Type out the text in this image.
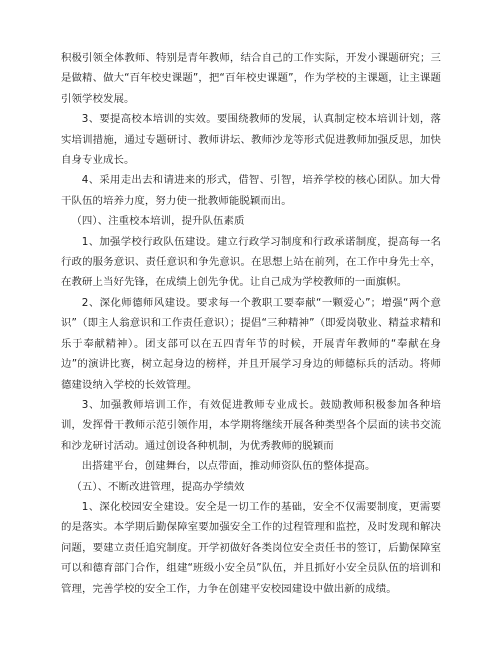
积极引领全体教师、特别是青年教师，结合自己的工作实际，开发小课题研究；三是做精、做大“百年校史课题”，把“百年校史课题”，作为学校的主课题，让主课题引领学校发展。

3、要提高校本培训的实效。要围绕教师的发展，认真制定校本培训计划，落实培训措施，通过专题研讨、教师讲坛、教师沙龙等形式促进教师加强反思，加快自身专业成长。

4、采用走出去和请进来的形式，借智、引智，培养学校的核心团队。加大骨干队伍的培养力度，努力使一批教师能脱颖而出。

（四）、注重校本培训，提升队伍素质

1、加强学校行政队伍建设。建立行政学习制度和行政承诺制度，提高每一名行政的服务意识、责任意识和争先意识。在思想上站在前列，在工作中身先士卒，在教研上当好先锋，在成绩上创先争优。让自己成为学校教师的一面旗帜。

2、深化师德师风建设。要求每一个教职工要奉献“一颗爱心”；增强“两个意识”（即主人翁意识和工作责任意识）；提倡“三种精神”（即爱岗敬业、精益求精和乐于奉献精神）。团支部可以在五四青年节的时候，开展青年教师的“奉献在身边”的演讲比赛，树立起身边的榜样，并且开展学习身边的师德标兵的活动。将师德建设纳入学校的长效管理。

3、加强教师培训工作，有效促进教师专业成长。鼓励教师积极参加各种培训，发挥骨干教师示范引领作用，本学期将继续开展各种类型各个层面的读书交流和沙龙研讨活动。通过创设各种机制，为优秀教师的脱颖而

出搭建平台，创建舞台，以点带面，推动师资队伍的整体提高。

（五）、不断改进管理，提高办学绩效

1、深化校园安全建设。安全是一切工作的基础，安全不仅需要制度，更需要的是落实。本学期后勤保障室要加强安全工作的过程管理和监控，及时发现和解决问题，要建立责任追究制度。开学初做好各类岗位安全责任书的签订，后勤保障室可以和德育部门合作，组建“班级小安全员”队伍，并且抓好小安全员队伍的培训和管理，完善学校的安全工作，力争在创建平安校园建设中做出新的成绩。
